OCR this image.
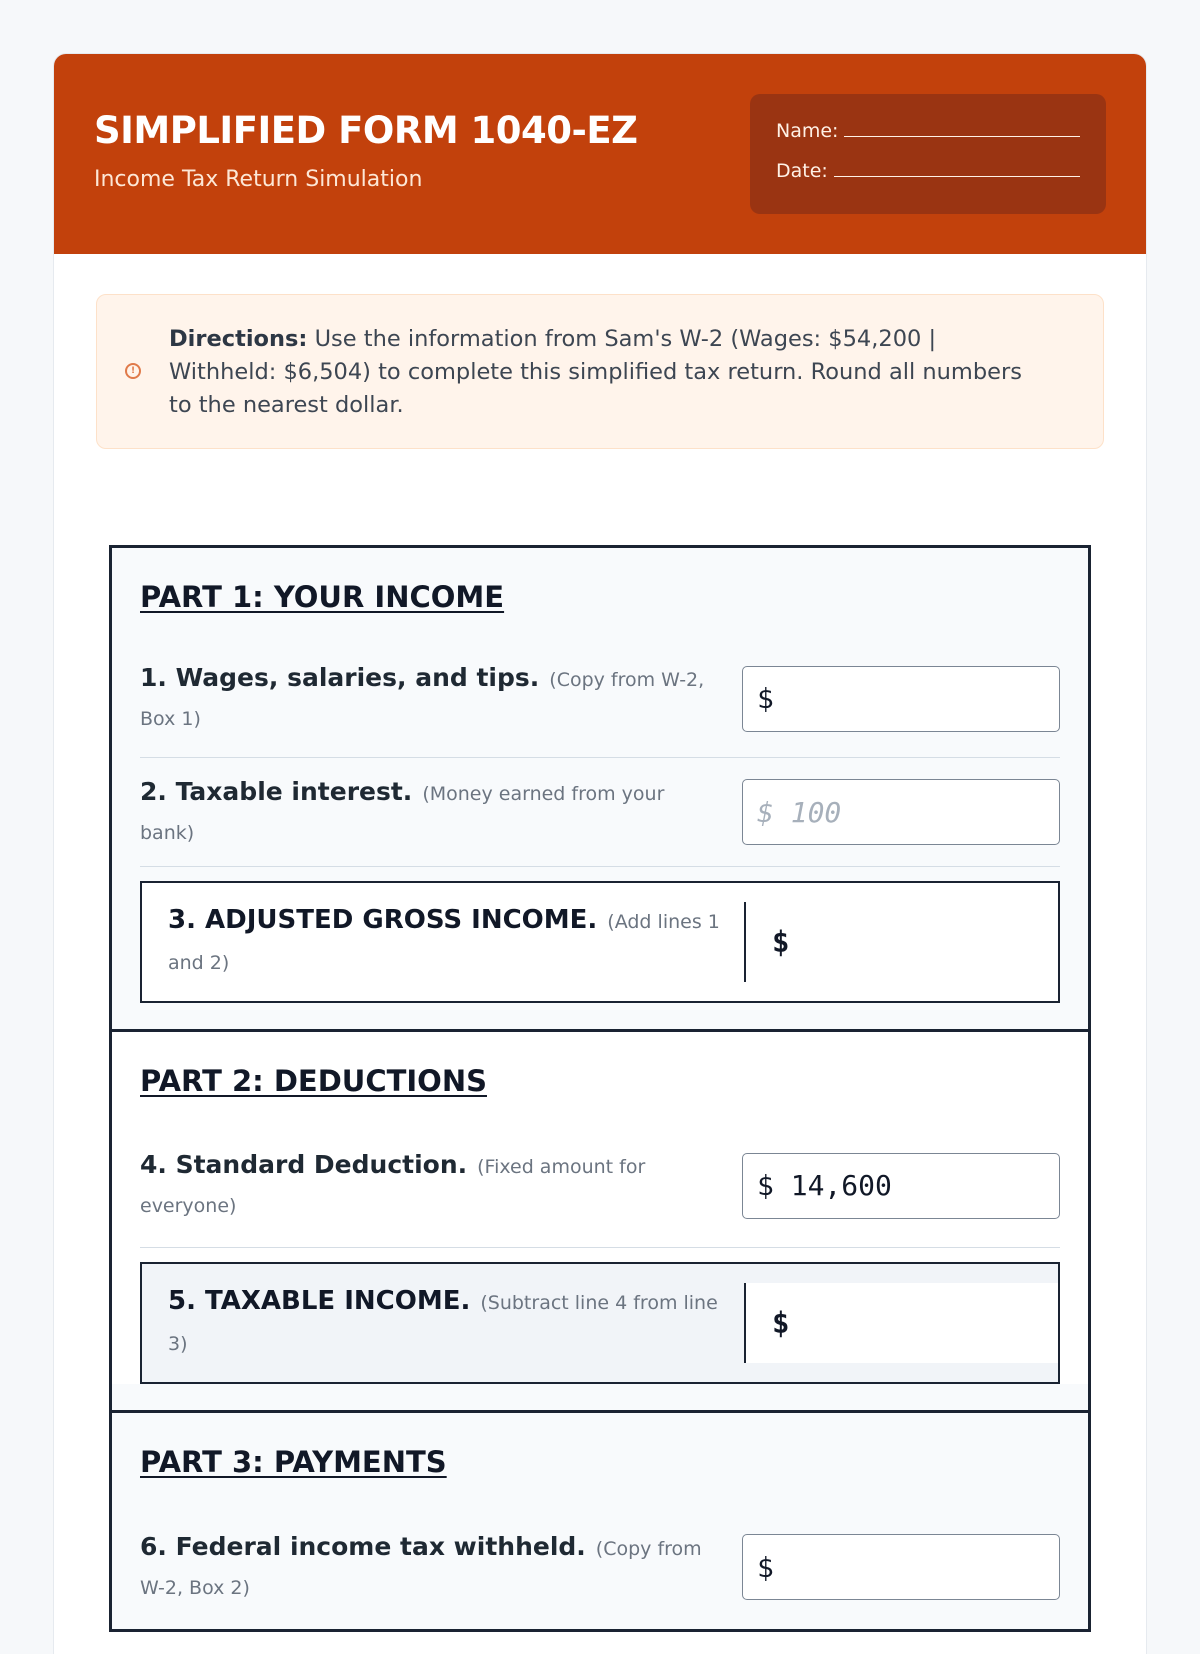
SIMPLIFIED FORM 1040-EZ
Income Tax Return Simulation
Name:
Date:
!
Directions: Use the information from Sam's W-2 (Wages: $54,200 | Withheld: $6,504) to complete this simplified tax return. Round all numbers to the nearest dollar.
PART 1: YOUR INCOME
1. Wages, salaries, and tips. (Copy from W-2, Box 1)
$
2. Taxable interest. (Money earned from your bank)
$ 100
3. ADJUSTED GROSS INCOME. (Add lines 1 and 2)
$
PART 2: DEDUCTIONS
4. Standard Deduction. (Fixed amount for everyone)
$ 14,600
5. TAXABLE INCOME. (Subtract line 4 from line 3)
$
PART 3: PAYMENTS
6. Federal income tax withheld. (Copy from W-2, Box 2)
$
